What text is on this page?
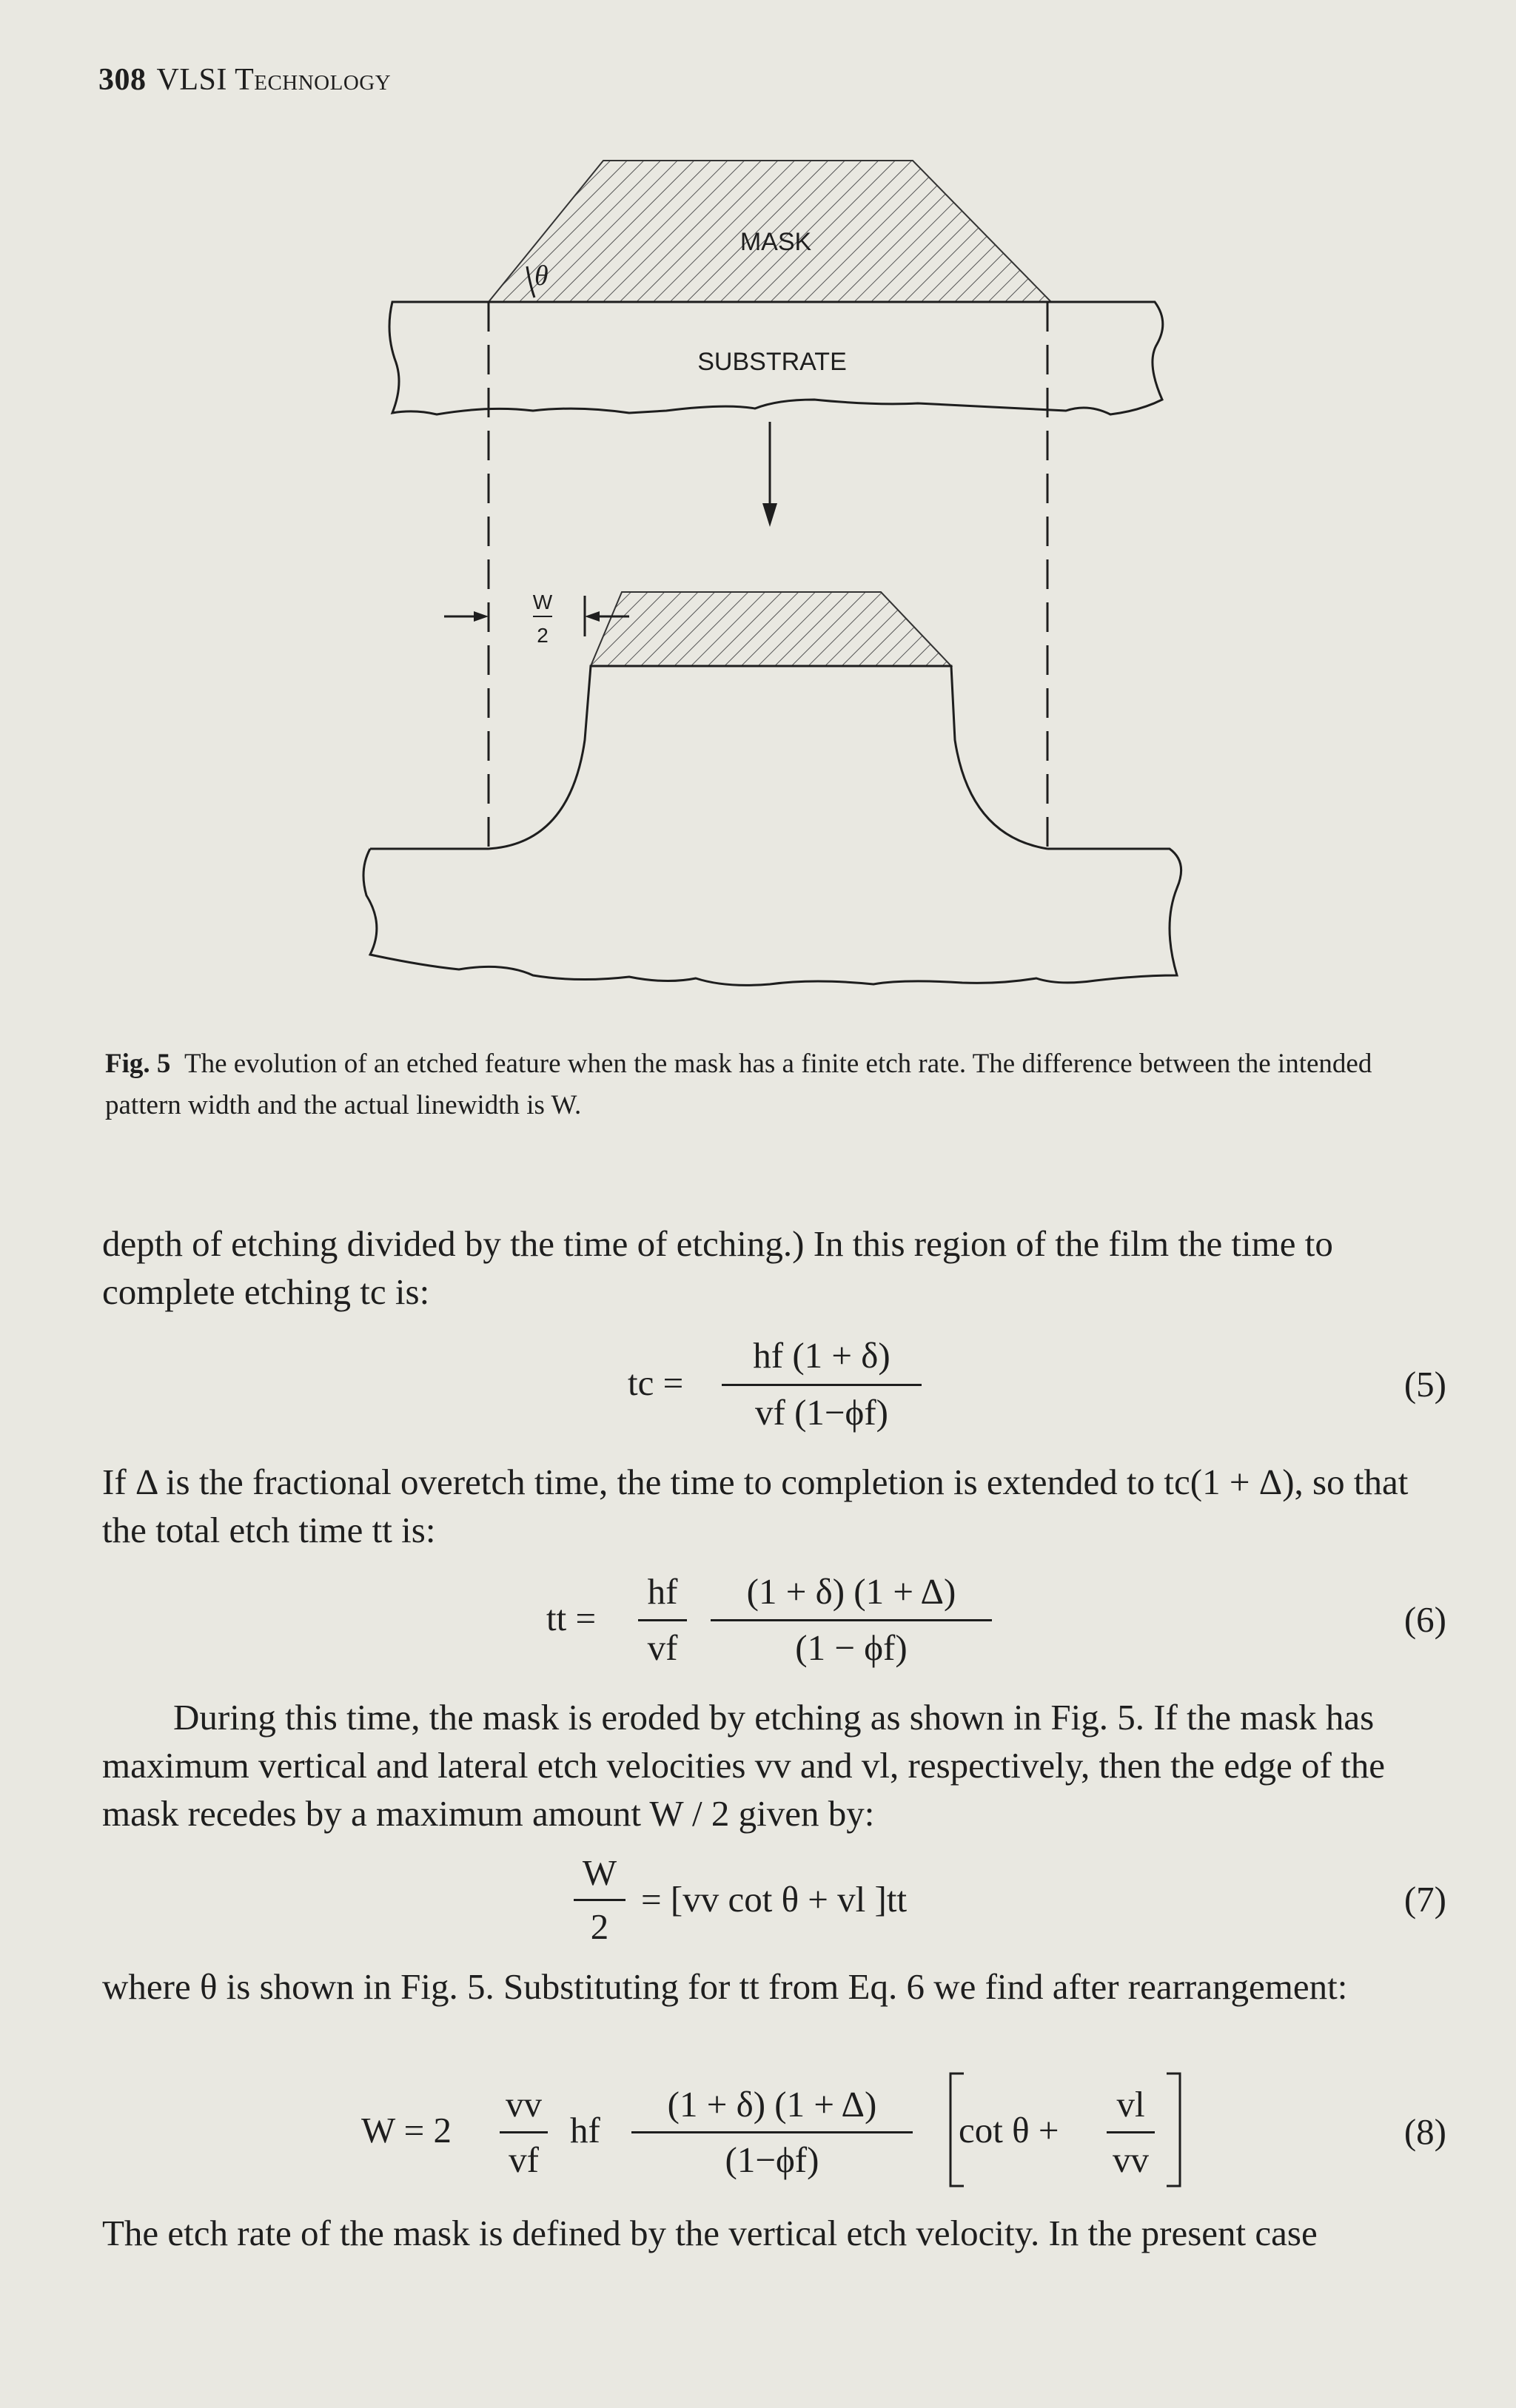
308 VLSI Technology
MASK
θ
SUBSTRATE
W
2
Fig. 5 The evolution of an etched feature when the mask has a finite etch rate. The difference between the intended pattern width and the actual linewidth is W.
depth of etching divided by the time of etching.) In this region of the film the time to complete etching tc is:
tc =
hf (1 + δ)
vf (1−ϕf)
(5)
If Δ is the fractional overetch time, the time to completion is extended to tc(1 + Δ), so that the total etch time tt is:
tt =
hf
vf
(1 + δ) (1 + Δ)
(1 − ϕf)
(6)
During this time, the mask is eroded by etching as shown in Fig. 5. If the mask has maximum vertical and lateral etch velocities vv and vl, respectively, then the edge of the mask recedes by a maximum amount W / 2 given by:
W
2
= [vv cot θ + vl ]tt	(7)
where θ is shown in Fig. 5. Substituting for tt from Eq. 6 we find after rearrangement:
W = 2
vv
vf
hf
(1 + δ) (1 + Δ)
(1−ϕf)
cot θ +
vl
vv
(8)
The etch rate of the mask is defined by the vertical etch velocity. In the present case
